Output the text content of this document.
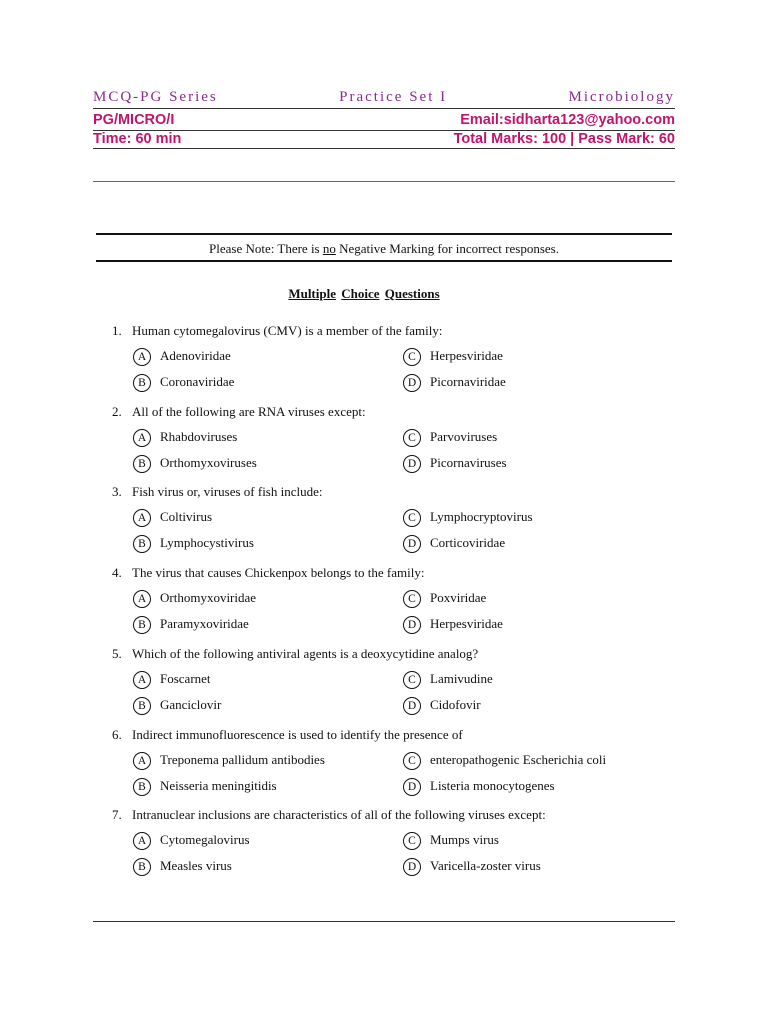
MCQ-PG Series	Practice Set I	Microbiology
PG/MICRO/I	Email:sidharta123@yahoo.com
Time: 60 min	Total Marks: 100 | Pass Mark: 60
Please Note: There is no Negative Marking for incorrect responses.
Multiple Choice Questions
1. Human cytomegalovirus (CMV) is a member of the family:
A	Adenoviridae
B	Coronaviridae
C	Herpesviridae
D	Picornaviridae
2. All of the following are RNA viruses except:
A	Rhabdoviruses
B	Orthomyxoviruses
C	Parvoviruses
D	Picornaviruses
3. Fish virus or, viruses of fish include:
A	Coltivirus
B	Lymphocystivirus
C	Lymphocryptovirus
D	Corticoviridae
4. The virus that causes Chickenpox belongs to the family:
A	Orthomyxoviridae
B	Paramyxoviridae
C	Poxviridae
D	Herpesviridae
5. Which of the following antiviral agents is a deoxycytidine analog?
A	Foscarnet
B	Ganciclovir
C	Lamivudine
D	Cidofovir
6. Indirect immunofluorescence is used to identify the presence of
A	Treponema pallidum antibodies
B	Neisseria meningitidis
C	enteropathogenic Escherichia coli
D	Listeria monocytogenes
7. Intranuclear inclusions are characteristics of all of the following viruses except:
A	Cytomegalovirus
B	Measles virus
C	Mumps virus
D	Varicella-zoster virus
